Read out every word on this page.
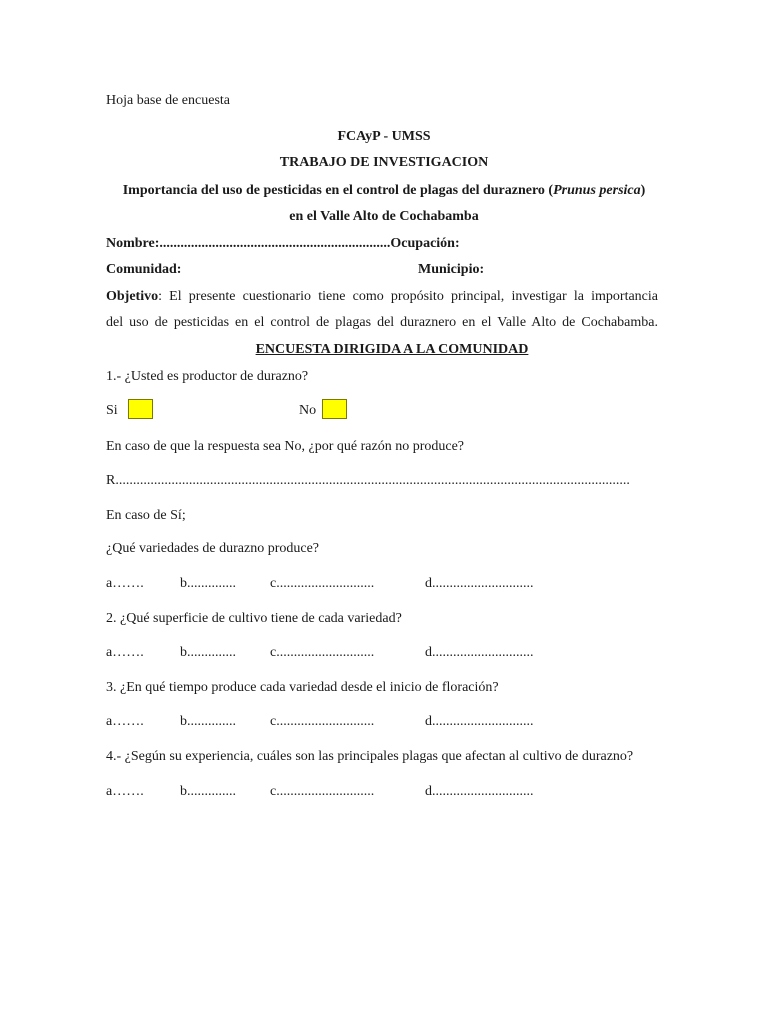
Hoja base de encuesta
FCAyP - UMSS
TRABAJO DE INVESTIGACION
Importancia del uso de pesticidas en el control de plagas del duraznero (Prunus persica)
en el Valle Alto de Cochabamba
Nombre:..................................................................Ocupación:
Comunidad:	Municipio:
Objetivo: El presente cuestionario tiene como propósito principal, investigar la importancia
del uso de pesticidas en el control de plagas del duraznero en el Valle Alto de Cochabamba.
ENCUESTA DIRIGIDA A LA COMUNIDAD
1.- ¿Usted es productor de durazno?
Si	No
En caso de que la respuesta sea No, ¿por qué razón no produce?
R...................................................................................................................................................
En caso de Sí;
¿Qué variedades de durazno produce?
a…….	b.............. c............................	d.............................
2. ¿Qué superficie de cultivo tiene de cada variedad?
a…….	b.............. c............................	d.............................
3. ¿En qué tiempo produce cada variedad desde el inicio de floración?
a…….	b.............. c............................	d.............................
4.- ¿Según su experiencia, cuáles son las principales plagas que afectan al cultivo de durazno?
a…….	b.............. c............................	d.............................
